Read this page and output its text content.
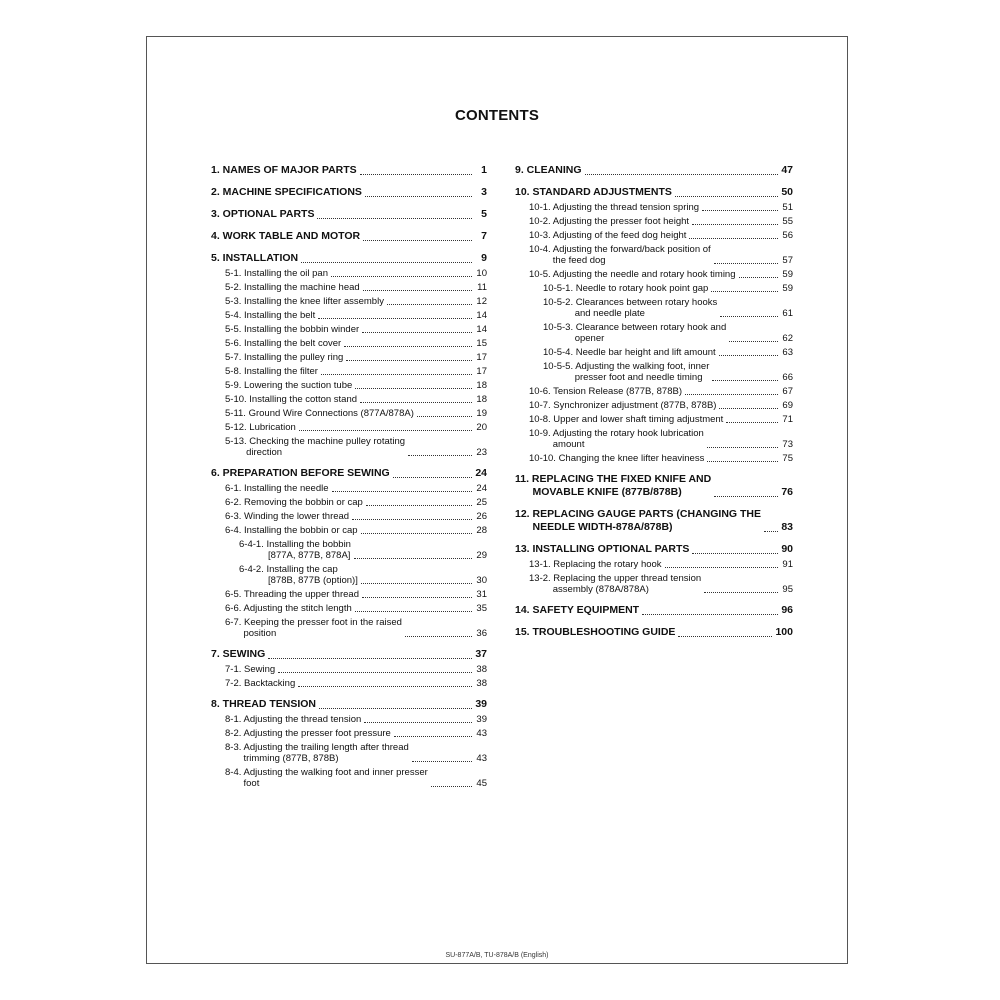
CONTENTS
1. NAMES OF MAJOR PARTS	1
2. MACHINE SPECIFICATIONS	3
3. OPTIONAL PARTS	5
4. WORK TABLE AND MOTOR	7
5. INSTALLATION	9
5-1. Installing the oil pan	10
5-2. Installing the machine head	11
5-3. Installing the knee lifter assembly	12
5-4. Installing the belt	14
5-5. Installing the bobbin winder	14
5-6. Installing the belt cover	15
5-7. Installing the pulley ring	17
5-8. Installing the filter	17
5-9. Lowering the suction tube	18
5-10. Installing the cotton stand	18
5-11. Ground Wire Connections (877A/878A)	19
5-12. Lubrication	20
5-13. Checking the machine pulley rotating
direction	23
6. PREPARATION BEFORE SEWING	24
6-1. Installing the needle	24
6-2. Removing the bobbin or cap	25
6-3. Winding the lower thread	26
6-4. Installing the bobbin or cap	28
6-4-1. Installing the bobbin
[877A, 877B, 878A]	29
6-4-2. Installing the cap
[878B, 877B (option)]	30
6-5. Threading the upper thread	31
6-6. Adjusting the stitch length	35
6-7. Keeping the presser foot in the raised
position	36
7. SEWING	37
7-1. Sewing	38
7-2. Backtacking	38
8. THREAD TENSION	39
8-1. Adjusting the thread tension	39
8-2. Adjusting the presser foot pressure	43
8-3. Adjusting the trailing length after thread
trimming (877B, 878B)	43
8-4. Adjusting the walking foot and inner presser
foot	45
9. CLEANING	47
10. STANDARD ADJUSTMENTS	50
10-1. Adjusting the thread tension spring	51
10-2. Adjusting the presser foot height	55
10-3. Adjusting of the feed dog height	56
10-4. Adjusting the forward/back position of
the feed dog	57
10-5. Adjusting the needle and rotary hook timing	59
10-5-1. Needle to rotary hook point gap	59
10-5-2. Clearances between rotary hooks
and needle plate	61
10-5-3. Clearance between rotary hook and
opener	62
10-5-4. Needle bar height and lift amount	63
10-5-5. Adjusting the walking foot, inner
presser foot and needle timing	66
10-6. Tension Release (877B, 878B)	67
10-7. Synchronizer adjustment (877B, 878B)	69
10-8. Upper and lower shaft timing adjustment	71
10-9. Adjusting the rotary hook lubrication
amount	73
10-10. Changing the knee lifter heaviness	75
11. REPLACING THE FIXED KNIFE AND
MOVABLE KNIFE (877B/878B)	76
12. REPLACING GAUGE PARTS (CHANGING THE
NEEDLE WIDTH-878A/878B)	83
13. INSTALLING OPTIONAL PARTS	90
13-1. Replacing the rotary hook	91
13-2. Replacing the upper thread tension
assembly (878A/878A)	95
14. SAFETY EQUIPMENT	96
15. TROUBLESHOOTING GUIDE	100
SU-877A/B, TU-878A/B (English)
